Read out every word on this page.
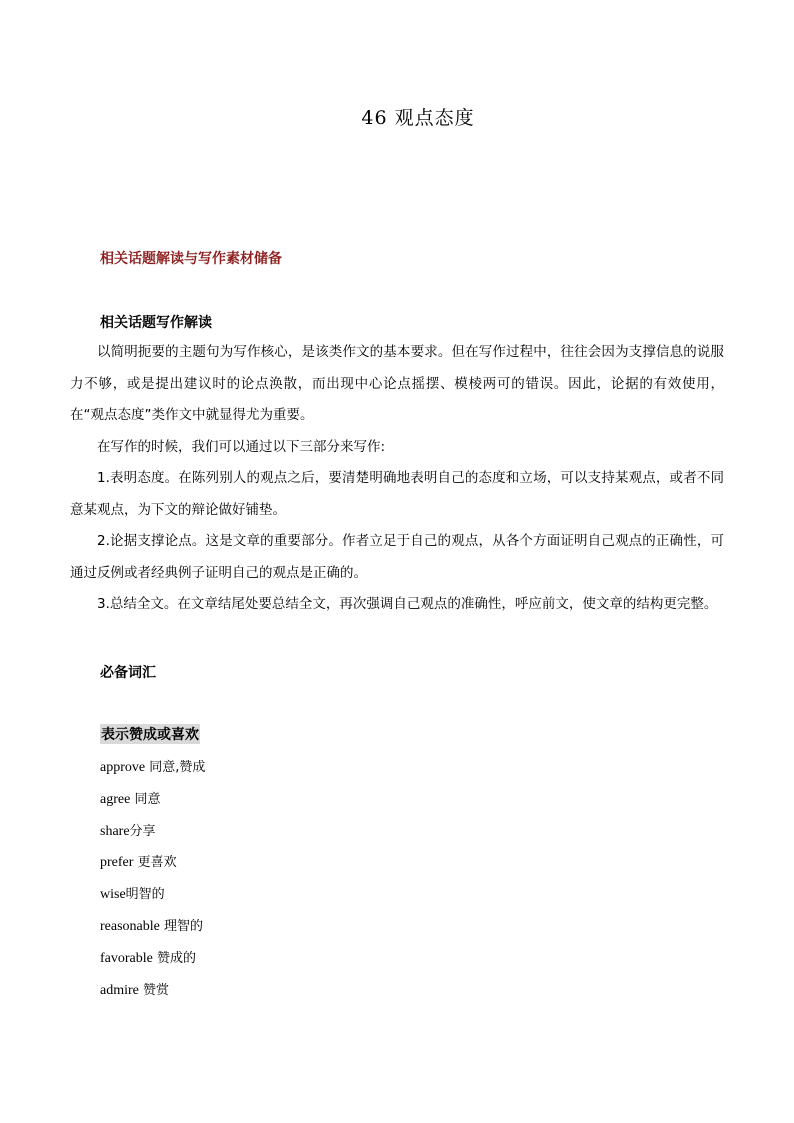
46 观点态度
相关话题解读与写作素材储备
相关话题写作解读

以简明扼要的主题句为写作核心，是该类作文的基本要求。但在写作过程中，往往会因为支撑信息的说服力不够，或是提出建议时的论点涣散，而出现中心论点摇摆、模棱两可的错误。因此，论据的有效使用，在“观点态度”类作文中就显得尤为重要。

在写作的时候，我们可以通过以下三部分来写作:

1.表明态度。在陈列别人的观点之后，要清楚明确地表明自己的态度和立场，可以支持某观点，或者不同意某观点，为下文的辩论做好铺垫。

2.论据支撑论点。这是文章的重要部分。作者立足于自己的观点，从各个方面证明自己观点的正确性，可通过反例或者经典例子证明自己的观点是正确的。

3.总结全文。在文章结尾处要总结全文，再次强调自己观点的准确性，呼应前文，使文章的结构更完整。

必备词汇
表示赞成或喜欢
approve 同意,赞成
agree 同意
share分享
prefer 更喜欢
wise明智的
reasonable 理智的
favorable 赞成的
admire 赞赏
